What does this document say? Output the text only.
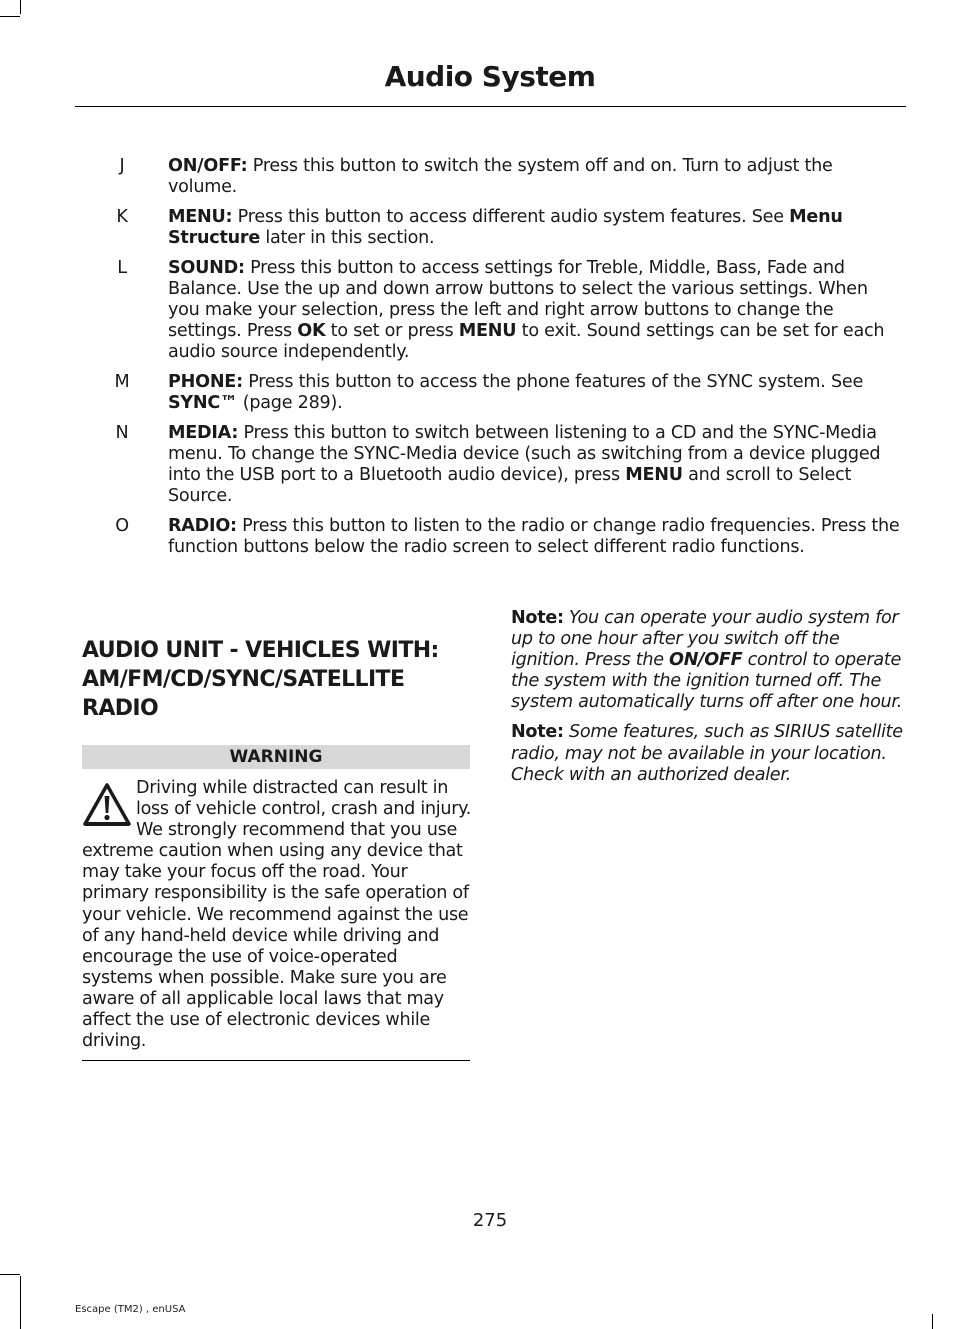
Audio System
J	ON/OFF: Press this button to switch the system off and on. Turn to adjust the volume.
K	MENU: Press this button to access different audio system features. See Menu Structure later in this section.
L	SOUND: Press this button to access settings for Treble, Middle, Bass, Fade and Balance. Use the up and down arrow buttons to select the various settings. When you make your selection, press the left and right arrow buttons to change the settings. Press OK to set or press MENU to exit. Sound settings can be set for each audio source independently.
M PHONE: Press this button to access the phone features of the SYNC system. See SYNC™ (page 289).
N	MEDIA: Press this button to switch between listening to a CD and the SYNC-Media menu. To change the SYNC-Media device (such as switching from a device plugged into the USB port to a Bluetooth audio device), press MENU and scroll to Select Source.
O RADIO: Press this button to listen to the radio or change radio frequencies. Press the function buttons below the radio screen to select different radio functions.
AUDIO UNIT - VEHICLES WITH: AM/FM/CD/SYNC/SATELLITE RADIO
WARNING
Driving while distracted can result in loss of vehicle control, crash and injury. We strongly recommend that you use extreme caution when using any device that may take your focus off the road. Your primary responsibility is the safe operation of your vehicle. We recommend against the use of any hand-held device while driving and encourage the use of voice-operated systems when possible. Make sure you are aware of all applicable local laws that may affect the use of electronic devices while driving.
Note: You can operate your audio system for up to one hour after you switch off the ignition. Press the ON/OFF control to operate the system with the ignition turned off. The system automatically turns off after one hour.
Note: Some features, such as SIRIUS satellite radio, may not be available in your location. Check with an authorized dealer.
275
Escape (TM2) , enUSA
